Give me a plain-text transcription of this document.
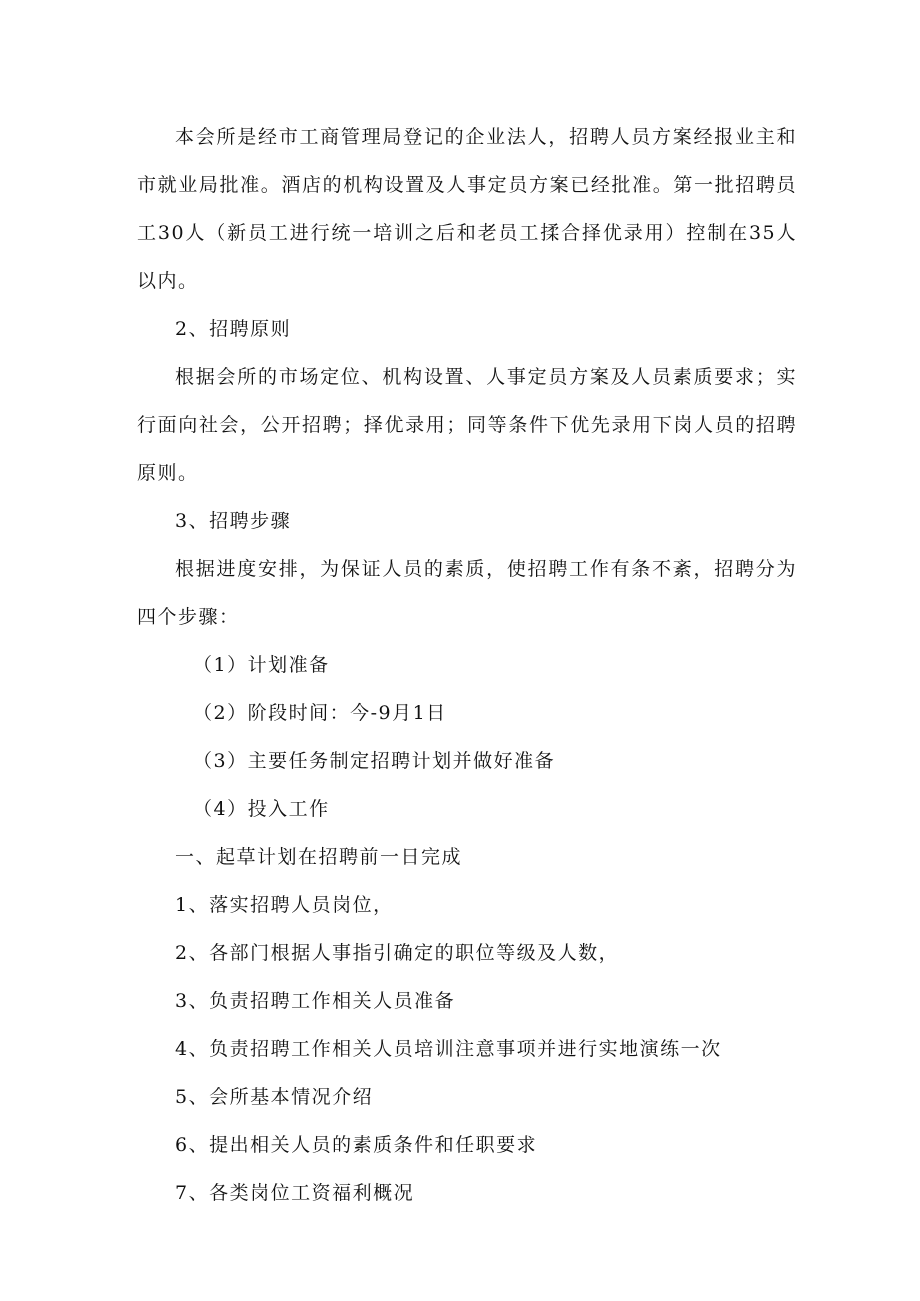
本会所是经市工商管理局登记的企业法人，招聘人员方案经报业主和市就业局批准。酒店的机构设置及人事定员方案已经批准。第一批招聘员工30人（新员工进行统一培训之后和老员工揉合择优录用）控制在35人以内。

2、招聘原则

根据会所的市场定位、机构设置、人事定员方案及人员素质要求；实行面向社会，公开招聘；择优录用；同等条件下优先录用下岗人员的招聘原则。

3、招聘步骤

根据进度安排，为保证人员的素质，使招聘工作有条不紊，招聘分为四个步骤：

（1）计划准备

（2）阶段时间：今-9月1日

（3）主要任务制定招聘计划并做好准备

（4）投入工作

一、起草计划在招聘前一日完成

1、落实招聘人员岗位，

2、各部门根据人事指引确定的职位等级及人数，

3、负责招聘工作相关人员准备

4、负责招聘工作相关人员培训注意事项并进行实地演练一次

5、会所基本情况介绍

6、提出相关人员的素质条件和任职要求

7、各类岗位工资福利概况
